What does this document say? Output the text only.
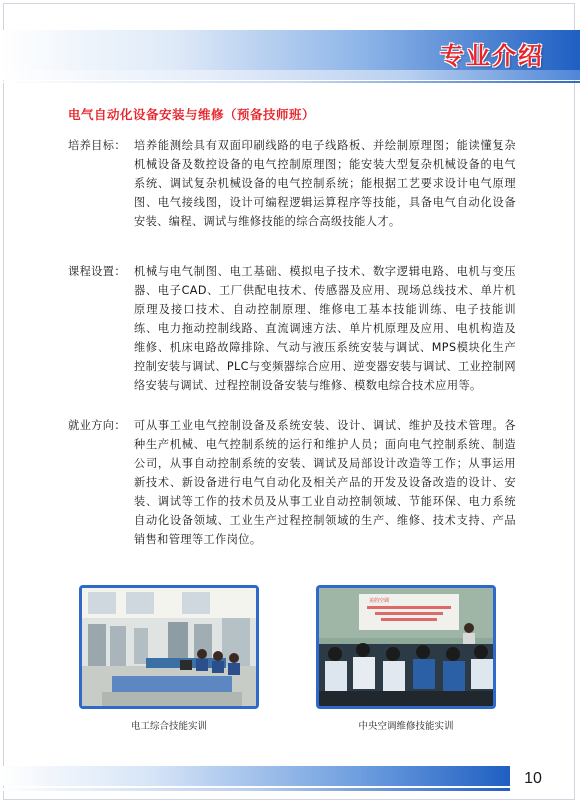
专业介绍
电气自动化设备安装与维修（预备技师班）
培养目标： 培养能测绘具有双面印刷线路的电子线路板、并绘制原理图；能读懂复杂机械设备及数控设备的电气控制原理图；能安装大型复杂机械设备的电气系统、调试复杂机械设备的电气控制系统；能根据工艺要求设计电气原理图、电气接线图，设计可编程逻辑运算程序等技能，具备电气自动化设备安装、编程、调试与维修技能的综合高级技能人才。
课程设置： 机械与电气制图、电工基础、模拟电子技术、数字逻辑电路、电机与变压器、电子CAD、工厂供配电技术、传感器及应用、现场总线技术、单片机原理及接口技术、自动控制原理、维修电工基本技能训练、电子技能训练、电力拖动控制线路、直流调速方法、单片机原理及应用、电机构造及维修、机床电路故障排除、气动与液压系统安装与调试、MPS模块化生产控制安装与调试、PLC与变频器综合应用、逆变器安装与调试、工业控制网络安装与调试、过程控制设备安装与维修、模数电综合技术应用等。
就业方向： 可从事工业电气控制设备及系统安装、设计、调试、维护及技术管理。各种生产机械、电气控制系统的运行和维护人员；面向电气控制系统、制造公司，从事自动控制系统的安装、调试及局部设计改造等工作；从事运用新技术、新设备进行电气自动化及相关产品的开发及设备改造的设计、安装、调试等工作的技术员及从事工业自动控制领域、节能环保、电力系统自动化设备领域、工业生产过程控制领域的生产、维修、技术支持、产品销售和管理等工作岗位。
电工综合技能实训
美的空调
中央空调维修技能实训
10
